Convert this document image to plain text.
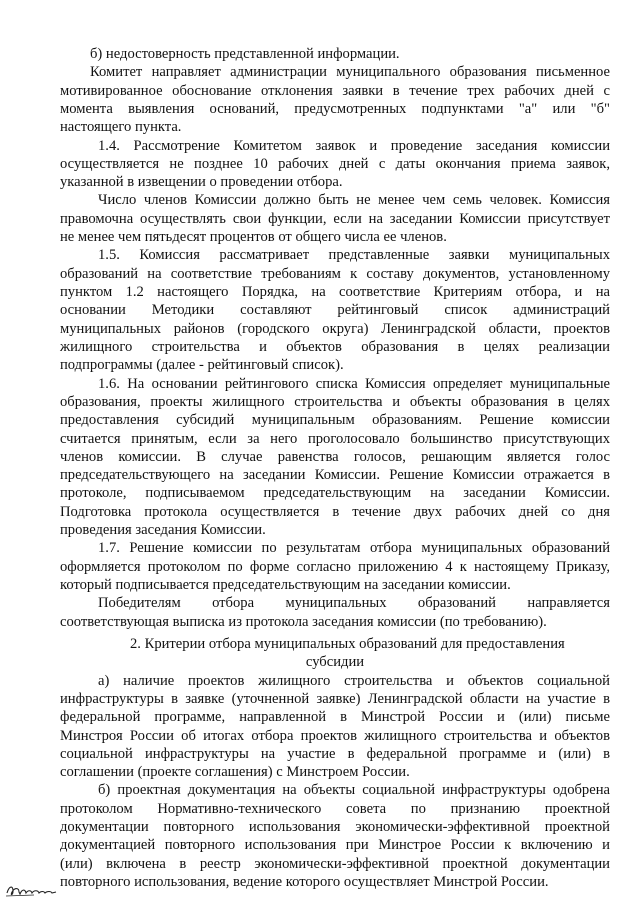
б) недостоверность представленной информации.
Комитет направляет администрации муниципального образования письменное
мотивированное обоснование отклонения заявки в течение трех рабочих дней с
момента выявления оснований, предусмотренных подпунктами "а" или "б"
настоящего пункта.
1.4. Рассмотрение Комитетом заявок и проведение заседания комиссии
осуществляется не позднее 10 рабочих дней с даты окончания приема заявок,
указанной в извещении о проведении отбора.
Число членов Комиссии должно быть не менее чем семь человек. Комиссия
правомочна осуществлять свои функции, если на заседании Комиссии присутствует
не менее чем пятьдесят процентов от общего числа ее членов.
1.5. Комиссия рассматривает представленные заявки муниципальных
образований на соответствие требованиям к составу документов, установленному
пунктом 1.2 настоящего Порядка, на соответствие Критериям отбора, и на
основании Методики составляют рейтинговый список администраций
муниципальных районов (городского округа) Ленинградской области, проектов
жилищного строительства и объектов образования в целях реализации
подпрограммы (далее - рейтинговый список).
1.6. На основании рейтингового списка Комиссия определяет муниципальные
образования, проекты жилищного строительства и объекты образования в целях
предоставления субсидий муниципальным образованиям. Решение комиссии
считается принятым, если за него проголосовало большинство присутствующих
членов комиссии. В случае равенства голосов, решающим является голос
председательствующего на заседании Комиссии. Решение Комиссии отражается в
протоколе, подписываемом председательствующим на заседании Комиссии.
Подготовка протокола осуществляется в течение двух рабочих дней со дня
проведения заседания Комиссии.
1.7. Решение комиссии по результатам отбора муниципальных образований
оформляется протоколом по форме согласно приложению 4 к настоящему Приказу,
который подписывается председательствующим на заседании комиссии.
Победителям отбора муниципальных образований направляется
соответствующая выписка из протокола заседания комиссии (по требованию).
2. Критерии отбора муниципальных образований для предоставления
субсидии
а) наличие проектов жилищного строительства и объектов социальной
инфраструктуры в заявке (уточненной заявке) Ленинградской области на участие в
федеральной программе, направленной в Минстрой России и (или) письме
Минстроя России об итогах отбора проектов жилищного строительства и объектов
социальной инфраструктуры на участие в федеральной программе и (или) в
соглашении (проекте соглашения) с Минстроем России.
б) проектная документация на объекты социальной инфраструктуры одобрена
протоколом Нормативно-технического совета по признанию проектной
документации повторного использования экономически-эффективной проектной
документацией повторного использования при Минстрое России к включению и
(или) включена в реестр экономически-эффективной проектной документации
повторного использования, ведение которого осуществляет Минстрой России.
